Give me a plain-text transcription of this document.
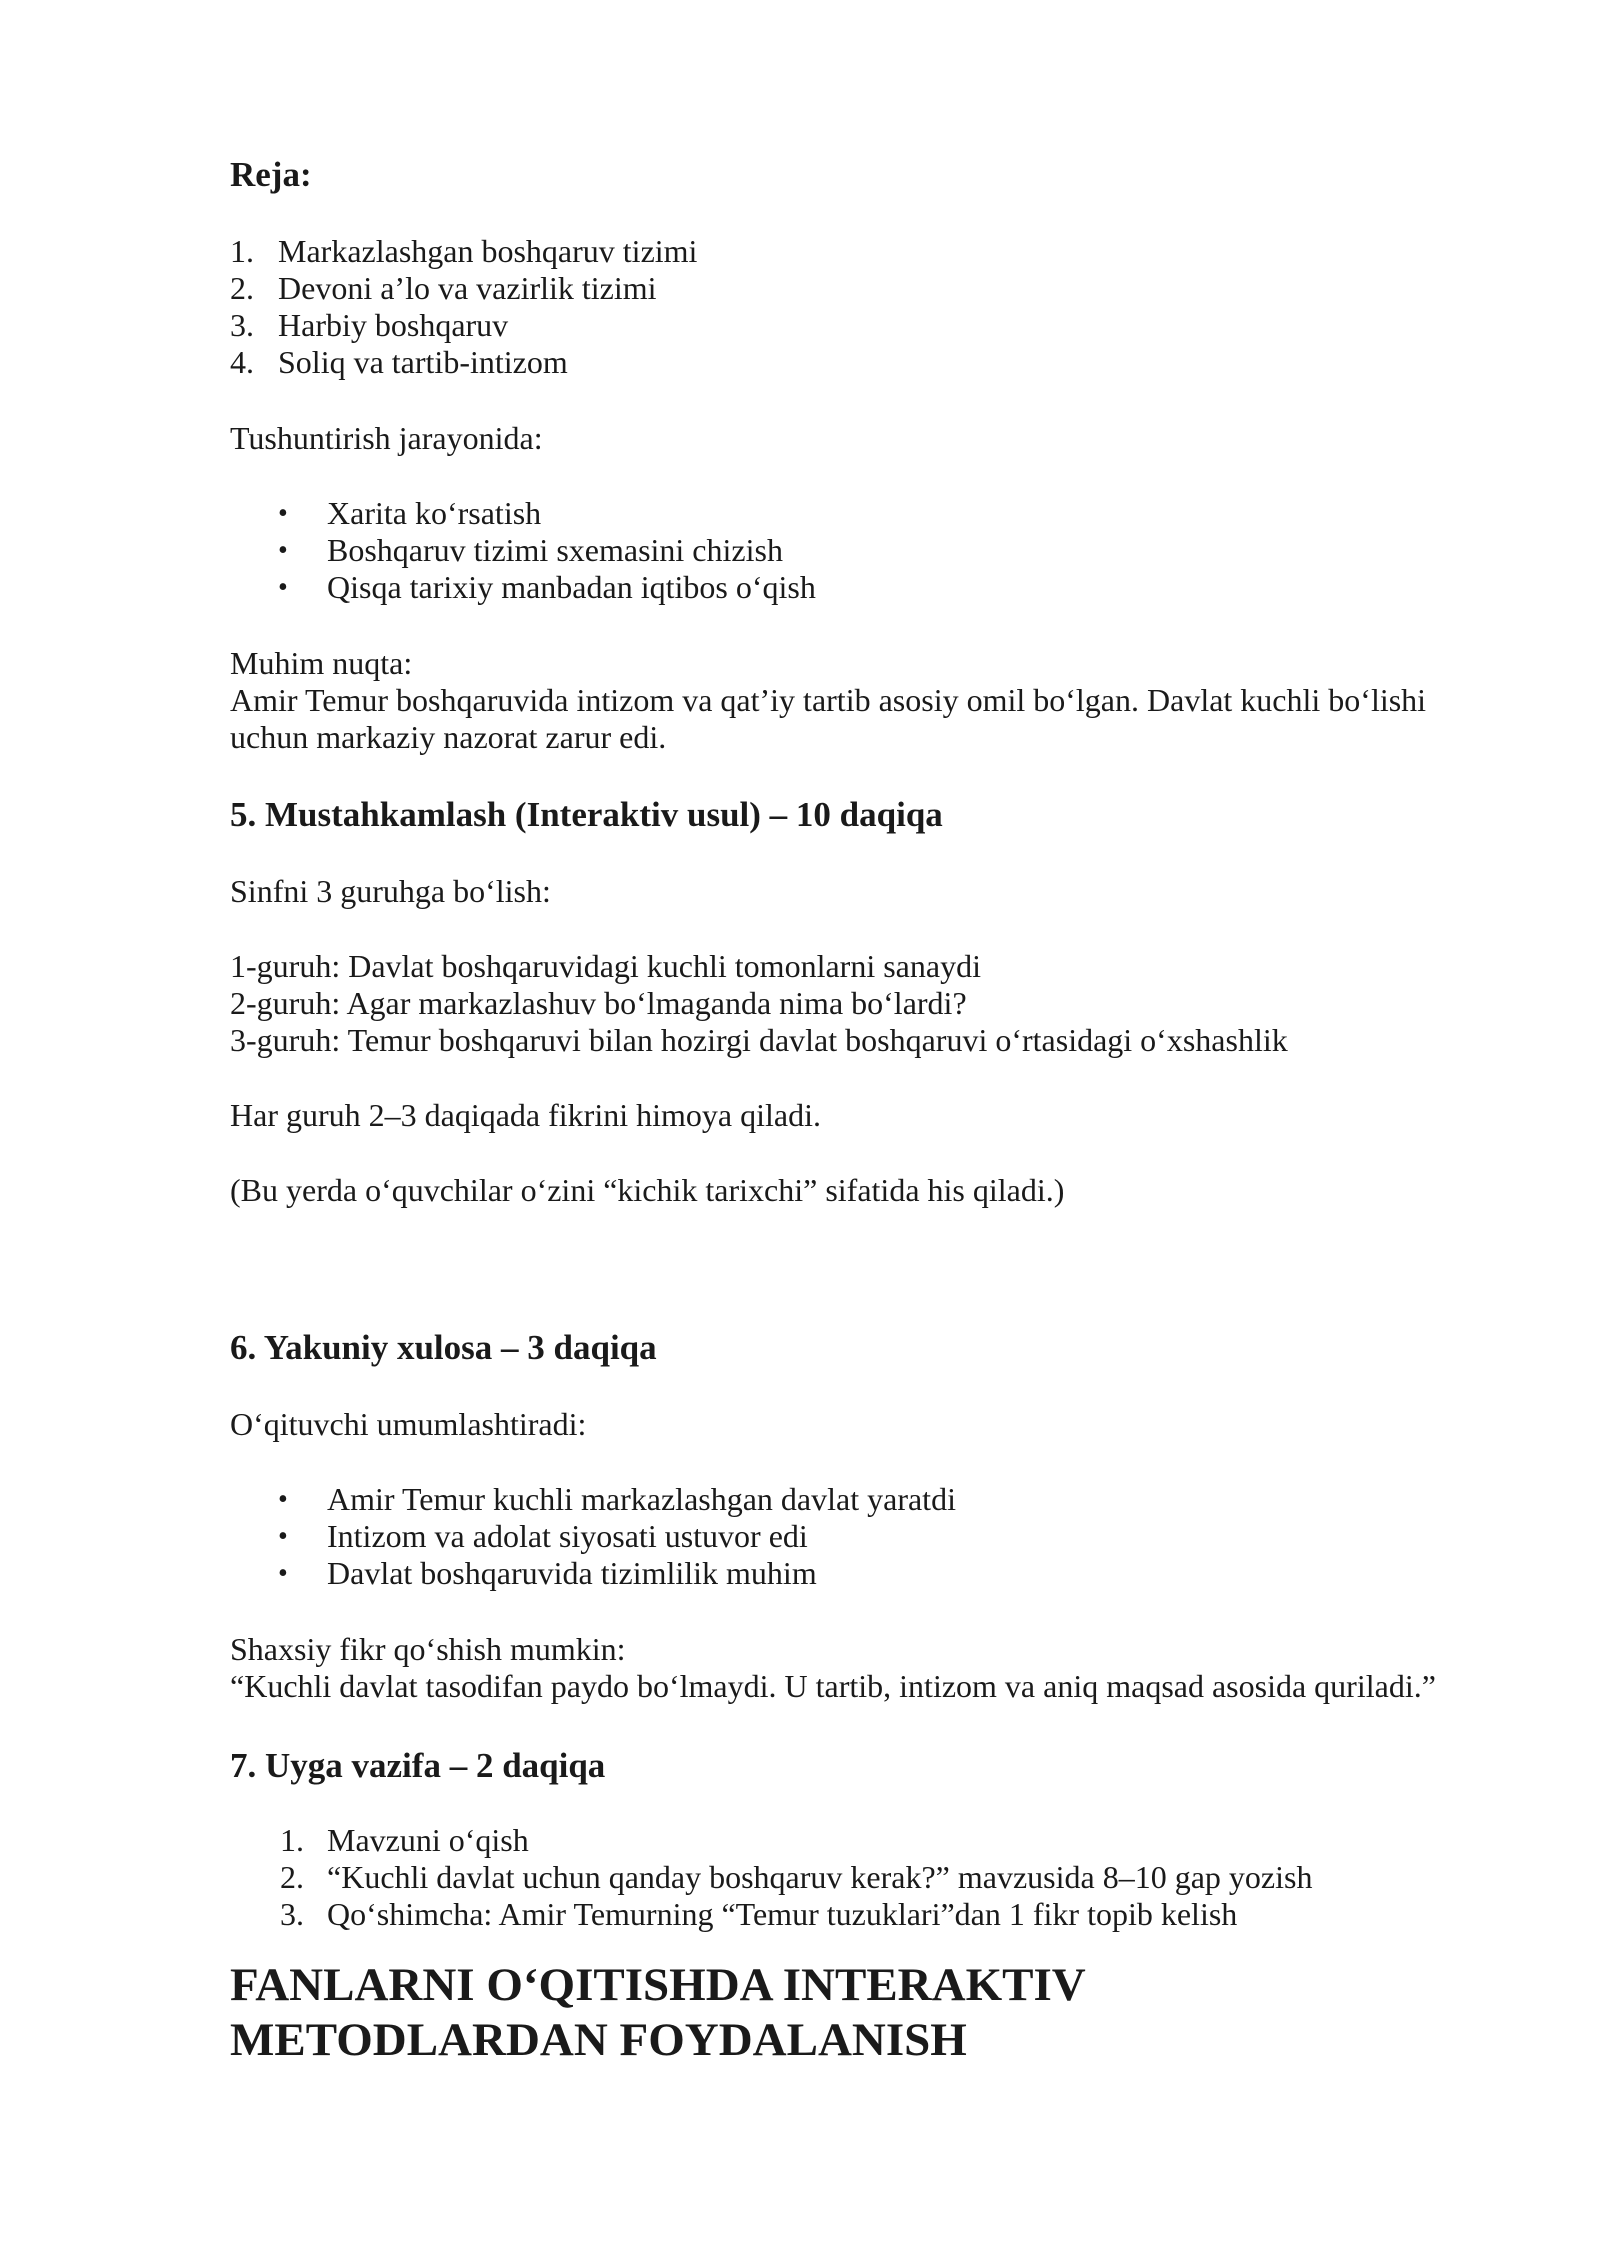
Reja:
1. Markazlashgan boshqaruv tizimi
2. Devoni a’lo va vazirlik tizimi
3. Harbiy boshqaruv
4. Soliq va tartib-intizom

Tushuntirish jarayonida:

•	Xarita ko‘rsatish
•	Boshqaruv tizimi sxemasini chizish
•	Qisqa tarixiy manbadan iqtibos o‘qish

Muhim nuqta:

Amir Temur boshqaruvida intizom va qat’iy tartib asosiy omil bo‘lgan. Davlat kuchli bo‘lishi uchun markaziy nazorat zarur edi.

5. Mustahkamlash (Interaktiv usul) – 10 daqiqa

Sinfni 3 guruhga bo‘lish:

1-guruh: Davlat boshqaruvidagi kuchli tomonlarni sanaydi

2-guruh: Agar markazlashuv bo‘lmaganda nima bo‘lardi?

3-guruh: Temur boshqaruvi bilan hozirgi davlat boshqaruvi o‘rtasidagi o‘xshashlik

Har guruh 2–3 daqiqada fikrini himoya qiladi.

(Bu yerda o‘quvchilar o‘zini “kichik tarixchi” sifatida his qiladi.)

6. Yakuniy xulosa – 3 daqiqa

O‘qituvchi umumlashtiradi:

•	Amir Temur kuchli markazlashgan davlat yaratdi
•	Intizom va adolat siyosati ustuvor edi
•	Davlat boshqaruvida tizimlilik muhim

Shaxsiy fikr qo‘shish mumkin:

“Kuchli davlat tasodifan paydo bo‘lmaydi. U tartib, intizom va aniq maqsad asosida quriladi.”

7. Uyga vazifa – 2 daqiqa
1. Mavzuni o‘qish
2. “Kuchli davlat uchun qanday boshqaruv kerak?” mavzusida 8–10 gap yozish
3. Qo‘shimcha: Amir Temurning “Temur tuzuklari”dan 1 fikr topib kelish
FANLARNI O‘QITISHDA INTERAKTIV
METODLARDAN FOYDALANISH
